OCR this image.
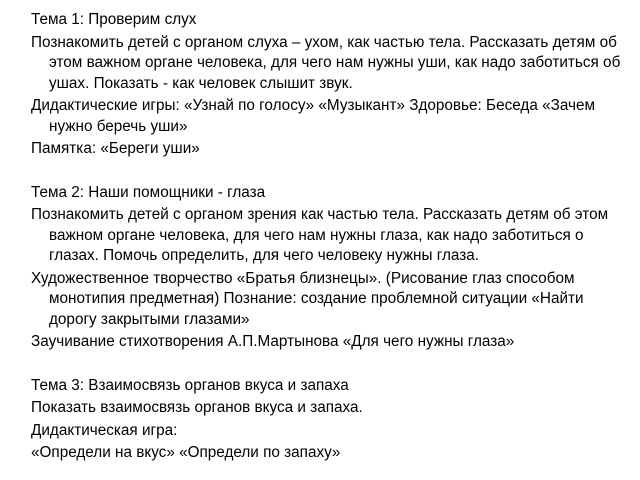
Тема 1: Проверим слух

Познакомить детей с органом слуха – ухом, как частью тела. Рассказать детям об этом важном органе человека, для чего нам нужны уши, как надо заботиться об ушах. Показать - как человек слышит звук.

Дидактические игры: «Узнай по голосу» «Музыкант» Здоровье: Беседа «Зачем нужно беречь уши»

Памятка: «Береги уши»

Тема 2: Наши помощники - глаза

Познакомить детей с органом зрения как частью тела. Рассказать детям об этом важном органе человека, для чего нам нужны глаза, как надо заботиться о глазах. Помочь определить, для чего человеку нужны глаза.

Художественное творчество «Братья близнецы». (Рисование глаз способом монотипия предметная) Познание: создание проблемной ситуации «Найти дорогу закрытыми глазами»

Заучивание стихотворения А.П.Мартынова «Для чего нужны глаза»

Тема 3: Взаимосвязь органов вкуса и запаха

Показать взаимосвязь органов вкуса и запаха.

Дидактическая игра:

«Определи на вкус» «Определи по запаху»
